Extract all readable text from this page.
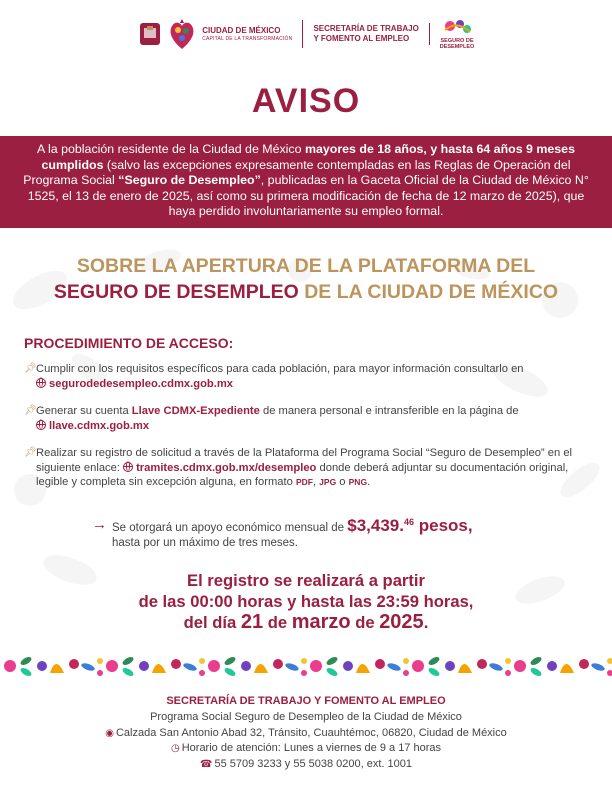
CIUDAD DE MÉXICO
CAPITAL DE LA TRANSFORMACIÓN
SECRETARÍA DE TRABAJO
Y FOMENTO AL EMPLEO	SEGURO DE
DESEMPLEO
AVISO
A la población residente de la Ciudad de México mayores de 18 años, y hasta 64 años 9 meses cumplidos (salvo las excepciones expresamente contempladas en las Reglas de Operación del Programa Social “Seguro de Desempleo”, publicadas en la Gaceta Oficial de la Ciudad de México N° 1525, el 13 de enero de 2025, así como su primera modificación de fecha de 12 marzo de 2025), que haya perdido involuntariamente su empleo formal.
SOBRE LA APERTURA DE LA PLATAFORMA DEL
SEGURO DE DESEMPLEO DE LA CIUDAD DE MÉXICO
PROCEDIMIENTO DE ACCESO:
📌︎ Cumplir con los requisitos específicos para cada población, para mayor información consultarlo en
segurodedesempleo.cdmx.gob.mx
📌︎ Generar su cuenta Llave CDMX-Expediente de manera personal e intransferible en la página de
llave.cdmx.gob.mx
📌︎ Realizar su registro de solicitud a través de la Plataforma del Programa Social “Seguro de Desempleo” en el siguiente enlace: tramites.cdmx.gob.mx/desempleo donde deberá adjuntar su documentación original, legible y completa sin excepción alguna, en formato PDF, JPG o PNG.
→ Se otorgará un apoyo económico mensual de $3,439.46 pesos,
hasta por un máximo de tres meses.
El registro se realizará a partir
de las 00:00 horas y hasta las 23:59 horas,
del día 21 de marzo de 2025.
SECRETARÍA DE TRABAJO Y FOMENTO AL EMPLEO
Programa Social Seguro de Desempleo de la Ciudad de México
◉ Calzada San Antonio Abad 32, Tránsito, Cuauhtémoc, 06820, Ciudad de México
◷ Horario de atención: Lunes a viernes de 9 a 17 horas
☎︎ 55 5709 3233 y 55 5038 0200, ext. 1001
